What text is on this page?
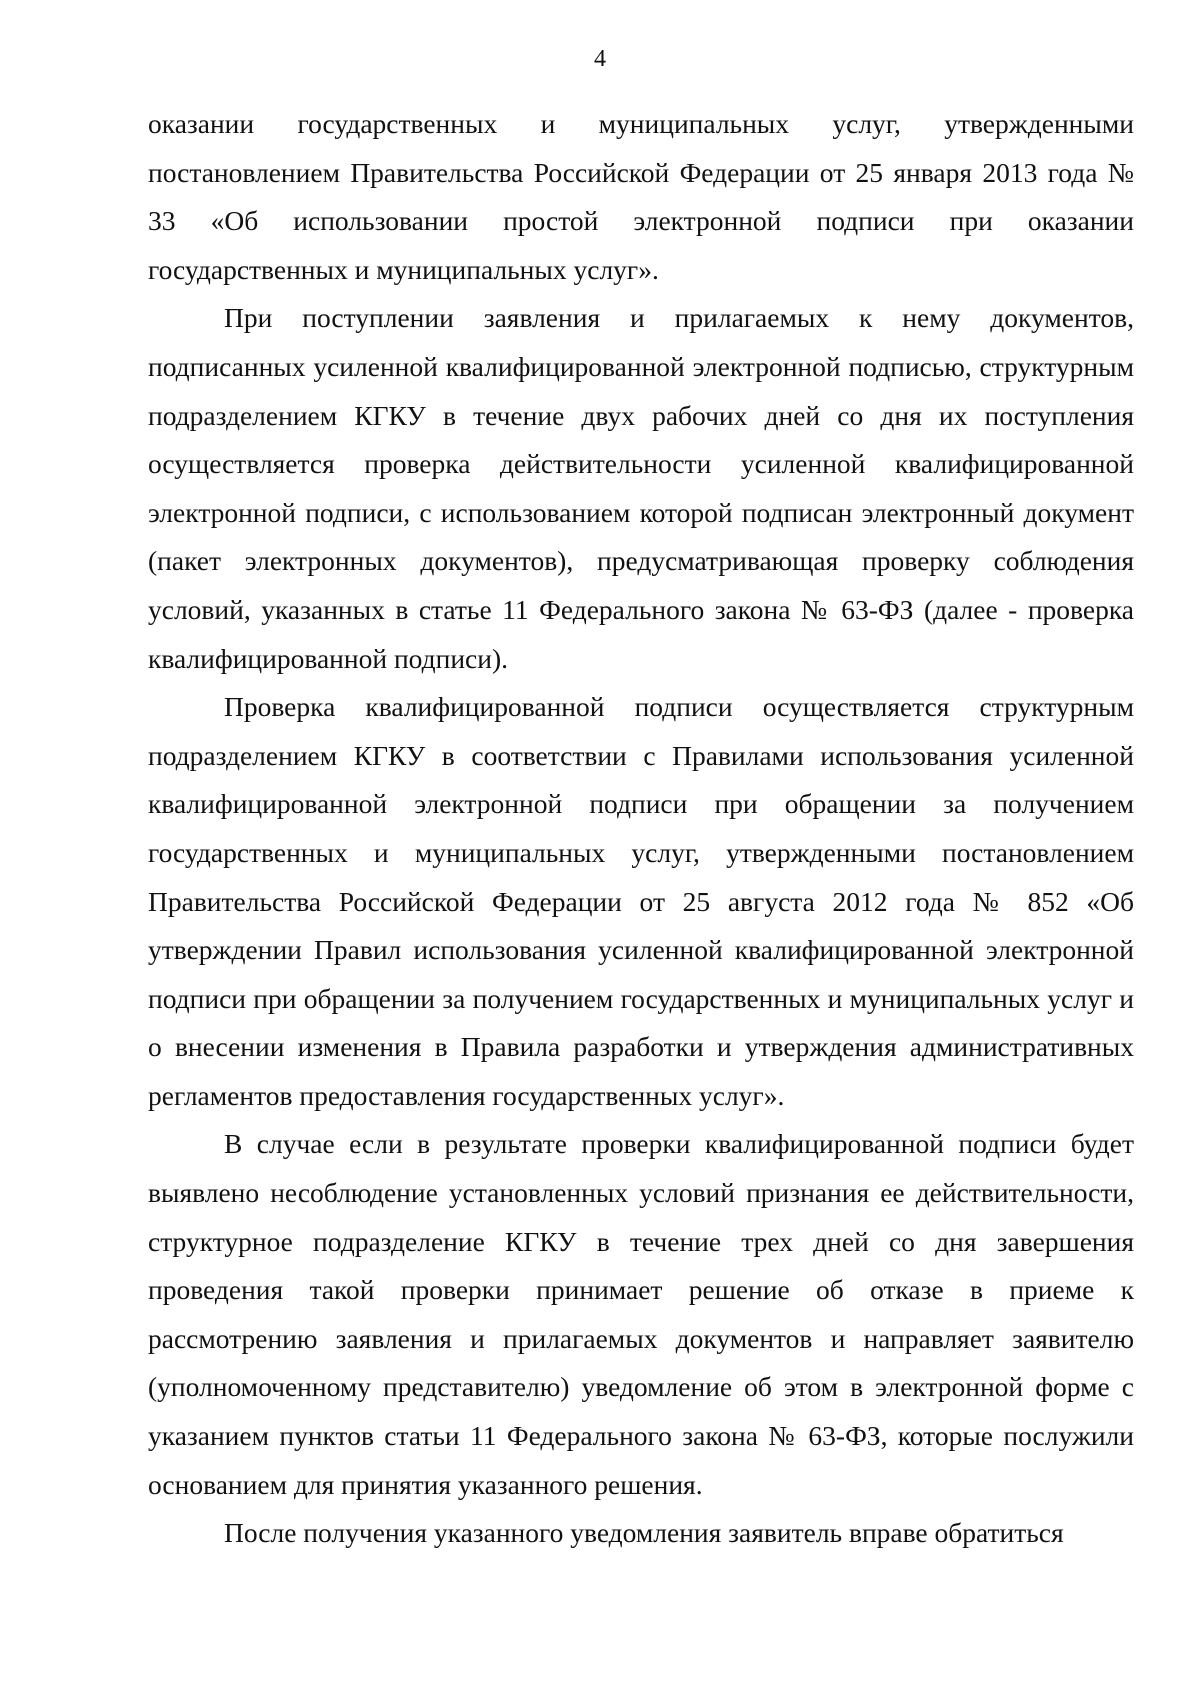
4

оказании государственных и муниципальных услуг, утвержденными постановлением Правительства Российской Федерации от 25 января 2013 года № 33 «Об использовании простой электронной подписи при оказании государственных и муниципальных услуг».

При поступлении заявления и прилагаемых к нему документов, подписанных усиленной квалифицированной электронной подписью, структурным подразделением КГКУ в течение двух рабочих дней со дня их поступления осуществляется проверка действительности усиленной квалифицированной электронной подписи, с использованием которой подписан электронный документ (пакет электронных документов), предусматривающая проверку соблюдения условий, указанных в статье 11 Федерального закона № 63-ФЗ (далее - проверка квалифицированной подписи).

Проверка квалифицированной подписи осуществляется структурным подразделением КГКУ в соответствии с Правилами использования усиленной квалифицированной электронной подписи при обращении за получением государственных и муниципальных услуг, утвержденными постановлением Правительства Российской Федерации от 25 августа 2012 года № 852 «Об утверждении Правил использования усиленной квалифицированной электронной подписи при обращении за получением государственных и муниципальных услуг и о внесении изменения в Правила разработки и утверждения административных регламентов предоставления государственных услуг».

В случае если в результате проверки квалифицированной подписи будет выявлено несоблюдение установленных условий признания ее действительности, структурное подразделение КГКУ в течение трех дней со дня завершения проведения такой проверки принимает решение об отказе в приеме к рассмотрению заявления и прилагаемых документов и направляет заявителю (уполномоченному представителю) уведомление об этом в электронной форме с указанием пунктов статьи 11 Федерального закона № 63-ФЗ, которые послужили основанием для принятия указанного решения.

После получения указанного уведомления заявитель вправе обратиться
